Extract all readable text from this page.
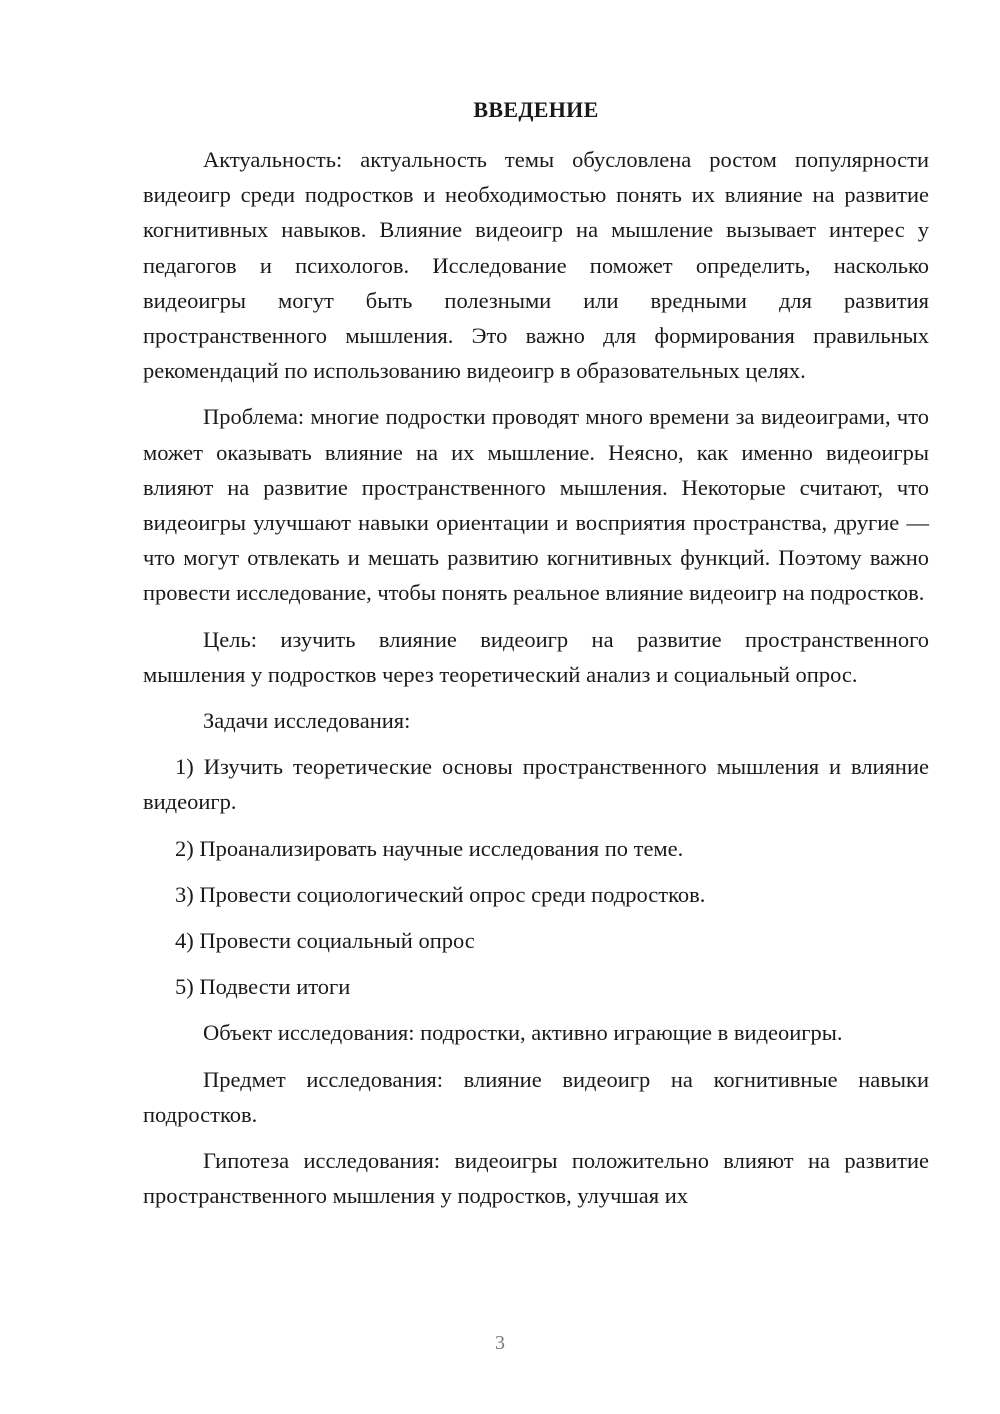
ВВЕДЕНИЕ

Актуальность: актуальность темы обусловлена ростом популярности видеоигр среди подростков и необходимостью понять их влияние на развитие когнитивных навыков. Влияние видеоигр на мышление вызывает интерес у педагогов и психологов. Исследование поможет определить, насколько видеоигры могут быть полезными или вредными для развития пространственного мышления. Это важно для формирования правильных рекомендаций по использованию видеоигр в образовательных целях.

Проблема: многие подростки проводят много времени за видеоиграми, что может оказывать влияние на их мышление. Неясно, как именно видеоигры влияют на развитие пространственного мышления. Некоторые считают, что видеоигры улучшают навыки ориентации и восприятия пространства, другие — что могут отвлекать и мешать развитию когнитивных функций. Поэтому важно провести исследование, чтобы понять реальное влияние видеоигр на подростков.

Цель: изучить влияние видеоигр на развитие пространственного мышления у подростков через теоретический анализ и социальный опрос.

Задачи исследования:

1) Изучить теоретические основы пространственного мышления и влияние видеоигр.

2) Проанализировать научные исследования по теме.

3) Провести социологический опрос среди подростков.

4) Провести социальный опрос

5) Подвести итоги

Объект исследования: подростки, активно играющие в видеоигры.

Предмет исследования: влияние видеоигр на когнитивные навыки подростков.

Гипотеза исследования: видеоигры положительно влияют на развитие пространственного мышления у подростков, улучшая их

3
